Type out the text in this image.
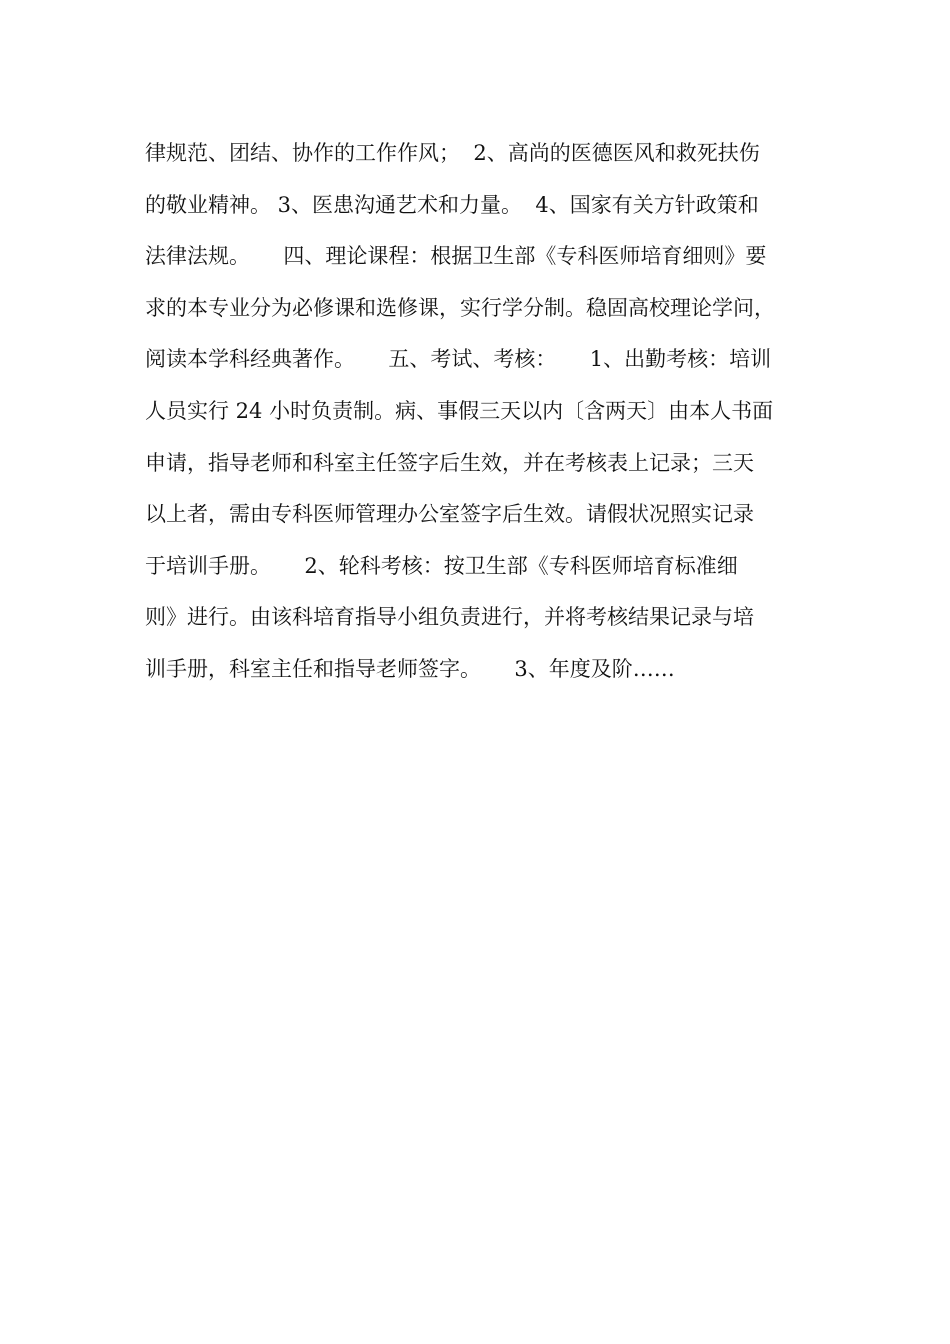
律规范、团结、协作的工作作风；  2、高尚的医德医风和救死扶伤
的敬业精神。 3、医患沟通艺术和力量。  4、国家有关方针政策和
法律法规。     四、理论课程：根据卫生部《专科医师培育细则》要
求的本专业分为必修课和选修课，实行学分制。稳固高校理论学问，
阅读本学科经典著作。     五、考试、考核：     1、出勤考核：培训
人员实行 24 小时负责制。病、事假三天以内〔含两天〕由本人书面
申请，指导老师和科室主任签字后生效，并在考核表上记录；三天
以上者，需由专科医师管理办公室签字后生效。请假状况照实记录
于培训手册。     2、轮科考核：按卫生部《专科医师培育标准细
则》进行。由该科培育指导小组负责进行，并将考核结果记录与培
训手册，科室主任和指导老师签字。     3、年度及阶……
